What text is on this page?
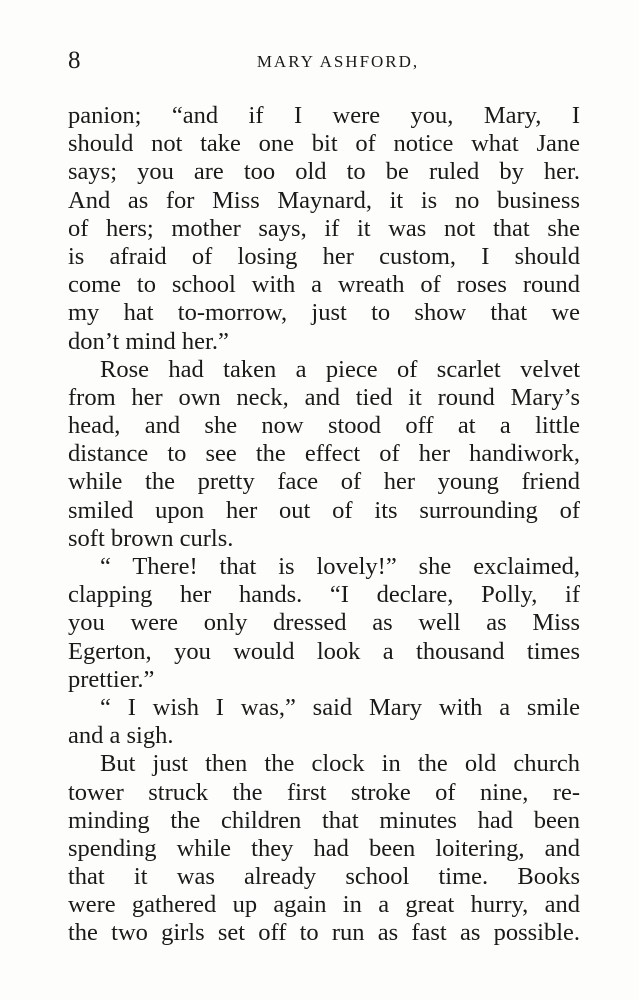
8	MARY ASHFORD,
panion; “and if I were you, Mary, I
should not take one bit of notice what Jane
says; you are too old to be ruled by her.
And as for Miss Maynard, it is no business
of hers; mother says, if it was not that she
is afraid of losing her custom, I should
come to school with a wreath of roses round
my hat to-morrow, just to show that we
don’t mind her.”
Rose had taken a piece of scarlet velvet
from her own neck, and tied it round Mary’s
head, and she now stood off at a little
distance to see the effect of her handiwork,
while the pretty face of her young friend
smiled upon her out of its surrounding of
soft brown curls.
“ There! that is lovely!” she exclaimed,
clapping her hands. “I declare, Polly, if
you were only dressed as well as Miss
Egerton, you would look a thousand times
prettier.”
“ I wish I was,” said Mary with a smile
and a sigh.
But just then the clock in the old church
tower struck the first stroke of nine, re-
minding the children that minutes had been
spending while they had been loitering, and
that it was already school time. Books
were gathered up again in a great hurry, and
the two girls set off to run as fast as possible.
